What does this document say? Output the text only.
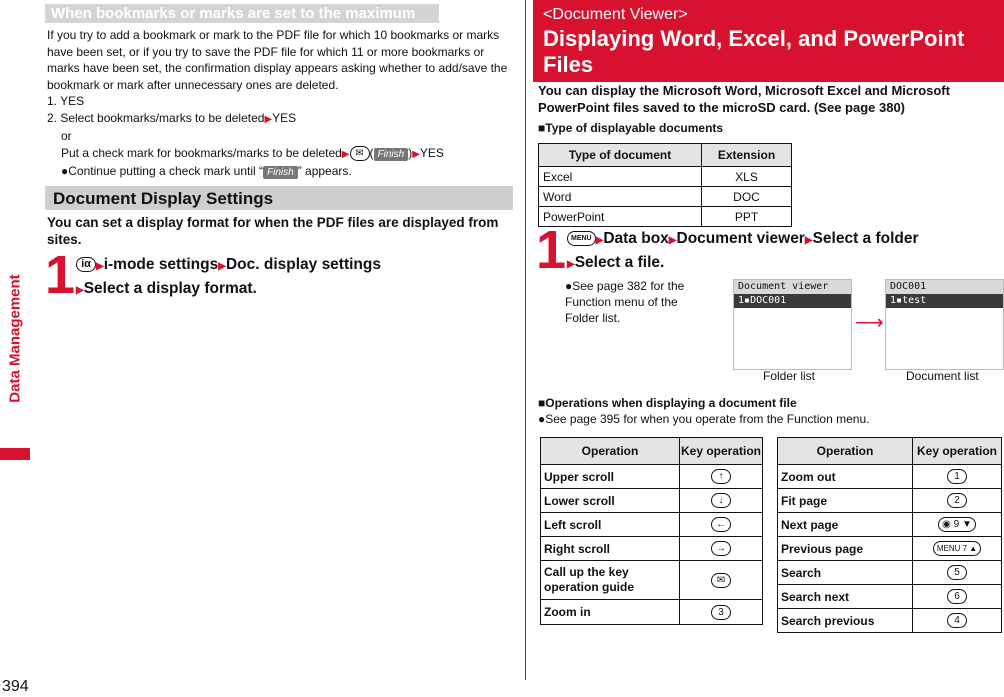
Data Management
394
When bookmarks or marks are set to the maximum
If you try to add a bookmark or mark to the PDF file for which 10 bookmarks or marks have been set, or if you try to save the PDF file for which 11 or more bookmarks or marks have been set, the confirmation display appears asking whether to add/save the bookmark or mark after unnecessary ones are deleted.
1. YES
2. Select bookmarks/marks to be deleted▶YES
or
Put a check mark for bookmarks/marks to be deleted▶ ✉ ( Finish )▶YES
●Continue putting a check mark until “ Finish ” appears.
Document Display Settings
You can set a display format for when the PDF files are displayed from sites.
1 iα ▶i-mode settings▶Doc. display settings
▶Select a display format.
<Document Viewer>
Displaying Word, Excel, and PowerPoint Files
You can display the Microsoft Word, Microsoft Excel and Microsoft PowerPoint files saved to the microSD card. (See page 380)
■Type of displayable documents
Type of document	Extension
Excel	XLS
Word	DOC
PowerPoint	PPT
1 MENU ▶Data box▶Document viewer▶Select a folder
▶Select a file.
●See page 382 for the Function menu of the Folder list.
Document viewer
1▪DOC001
⟶
DOC001
1▪test
Folder list	Document list
■Operations when displaying a document file
●See page 395 for when you operate from the Function menu.
Operation	Key operation
Upper scroll	↑
Lower scroll	↓
Left scroll	←
Right scroll	→
Call up the key operation guide	✉
Zoom in	3
Operation	Key operation
Zoom out	1
Fit page	2
Next page	◉ 9 ▼
Previous page	MENU 7 ▲
Search	5
Search next	6
Search previous	4
